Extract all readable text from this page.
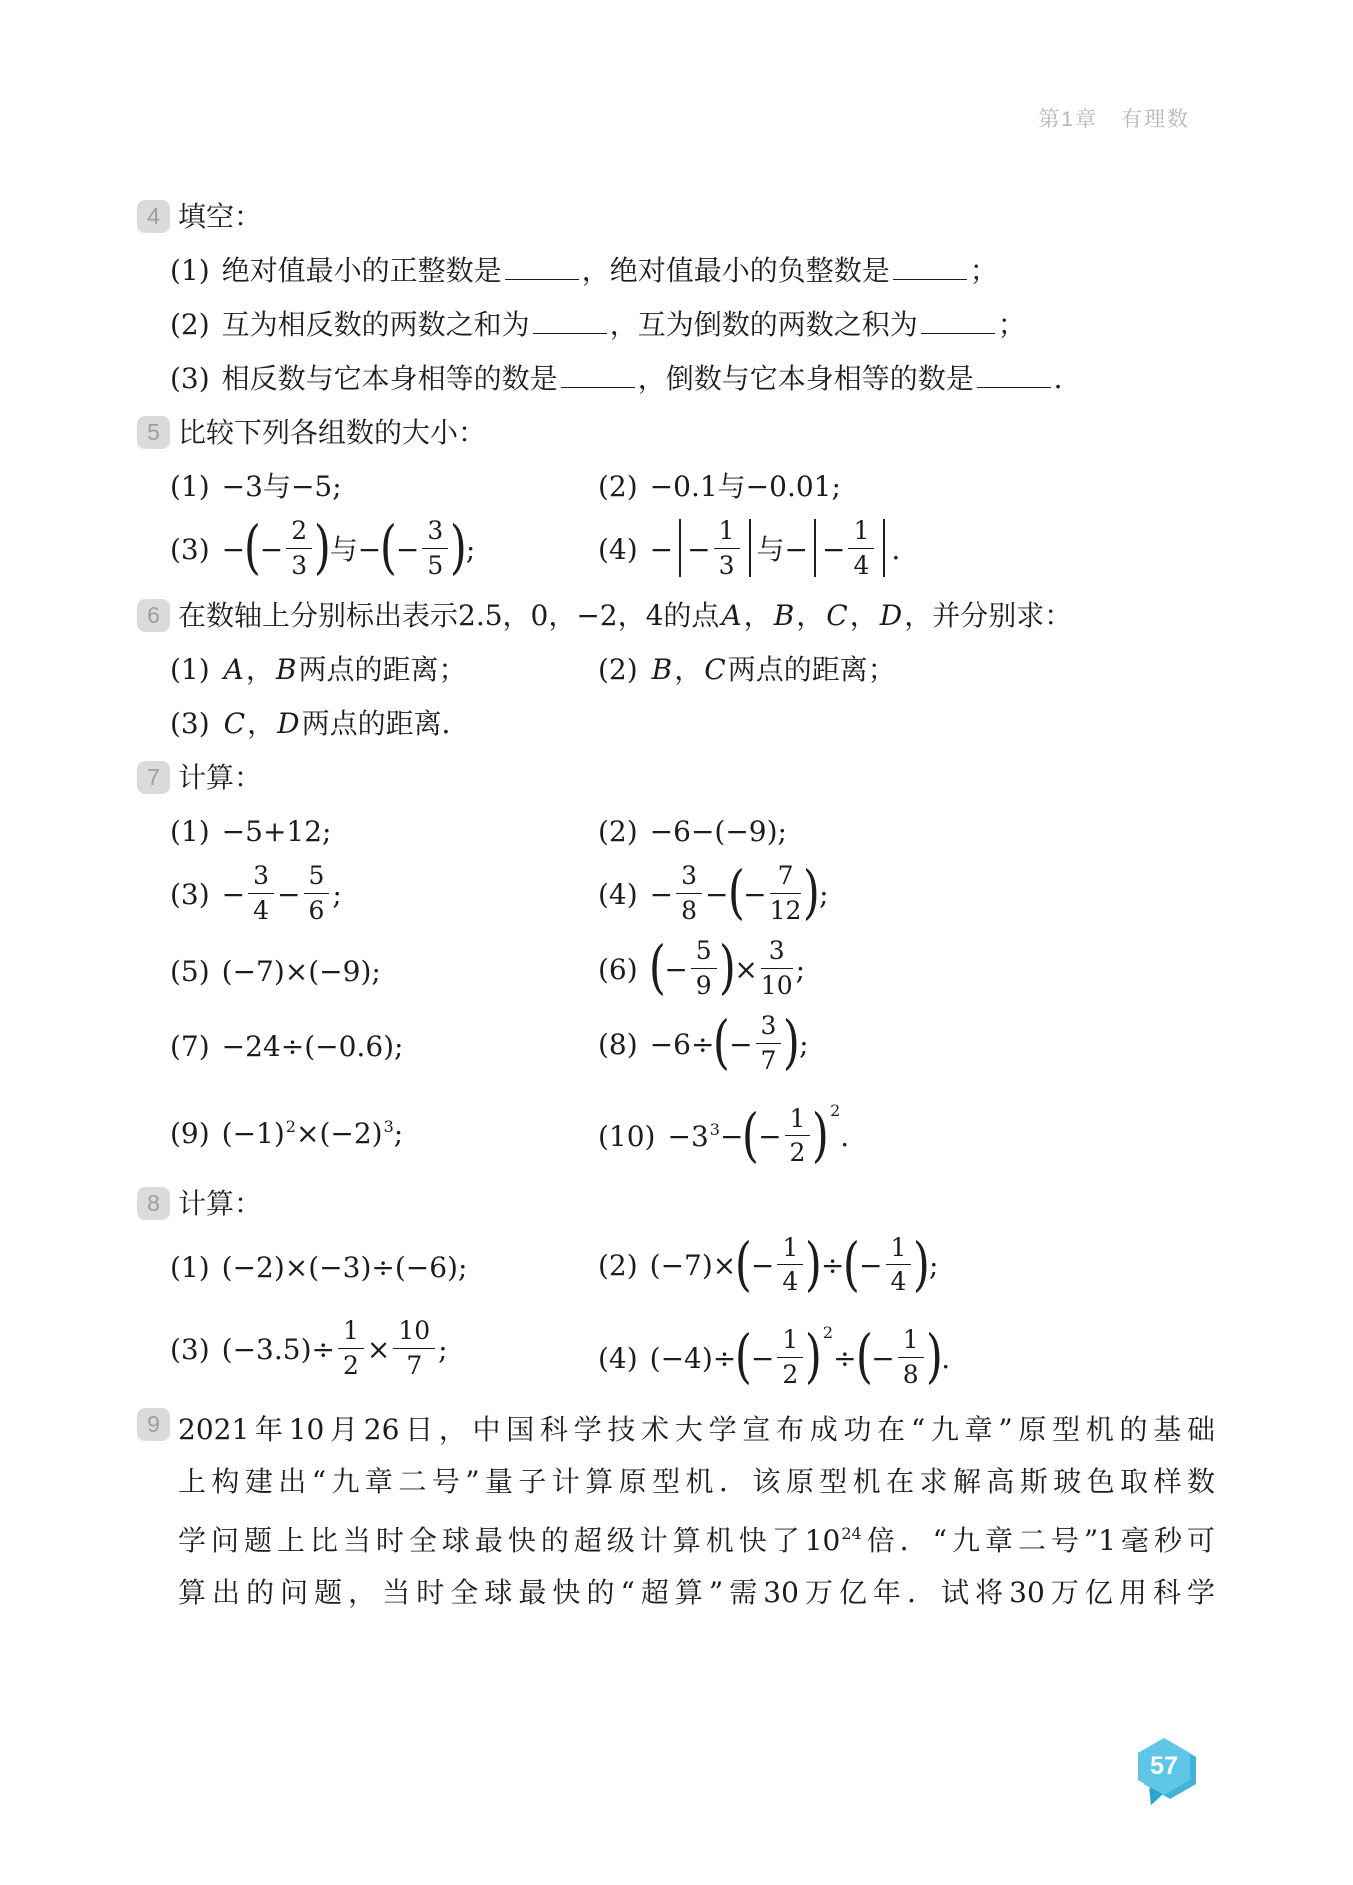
第1章　有理数
4 填空：
(1) 绝对值最小的正整数是	，绝对值最小的负整数是	；
(2) 互为相反数的两数之和为	，互为倒数的两数之积为	；
(3) 相反数与它本身相等的数是	，倒数与它本身相等的数是	．
5 比较下列各组数的大小：
(1) −3与−5;	(2) −0.1与−0.01;
(3) −(− $\frac{2}{3}$ )与−(− $\frac{3}{5}$ );	(4) − − $\frac{1}{3}$ 与− − $\frac{1}{4}$ .
6 在数轴上分别标出表示2.5，0，−2，4的点A，B，C，D，并分别求：
(1) A，B两点的距离；	(2) B，C两点的距离；
(3) C，D两点的距离．
7 计算：
(1) −5+12;	(2) −6−(−9);
$(3) - \frac{3}{4} - \frac{5}{6}$ ;	$(4) - \frac{3}{8}$ −(− $\frac{7}{12}$ );
(5) (−7)×(−9);	(6) (− $\frac{5}{9}$ )× $\frac{3}{10}$ ;
(7) −24÷(−0.6);	$(8) -6\div(- \frac{3}{7}$ );
(9) $(-1)^2\times(-2)^3$;	$(10) -3^3-(- \frac{1}{2} )^2$.
8 计算：
(1) (−2)×(−3)÷(−6);	(2) $(-7)\times(- \frac{1}{4}$ )÷(− $\frac{1}{4}$ );
(3) $(-3.5)\div \frac{1}{2} \times \frac{10}{7}$ ;	(4) $(-4)\div(- \frac{1}{2} )^2\div(- \frac{1}{8}$ ).
9 2021年10月26日，中国科学技术大学宣布成功在“九章”原型机的基础
上构建出“九章二号”量子计算原型机．该原型机在求解高斯玻色取样数
学问题上比当时全球最快的超级计算机快了$10^{24}$倍．“九章二号”1毫秒可
算出的问题，当时全球最快的“超算”需30万亿年．试将30万亿用科学
57
